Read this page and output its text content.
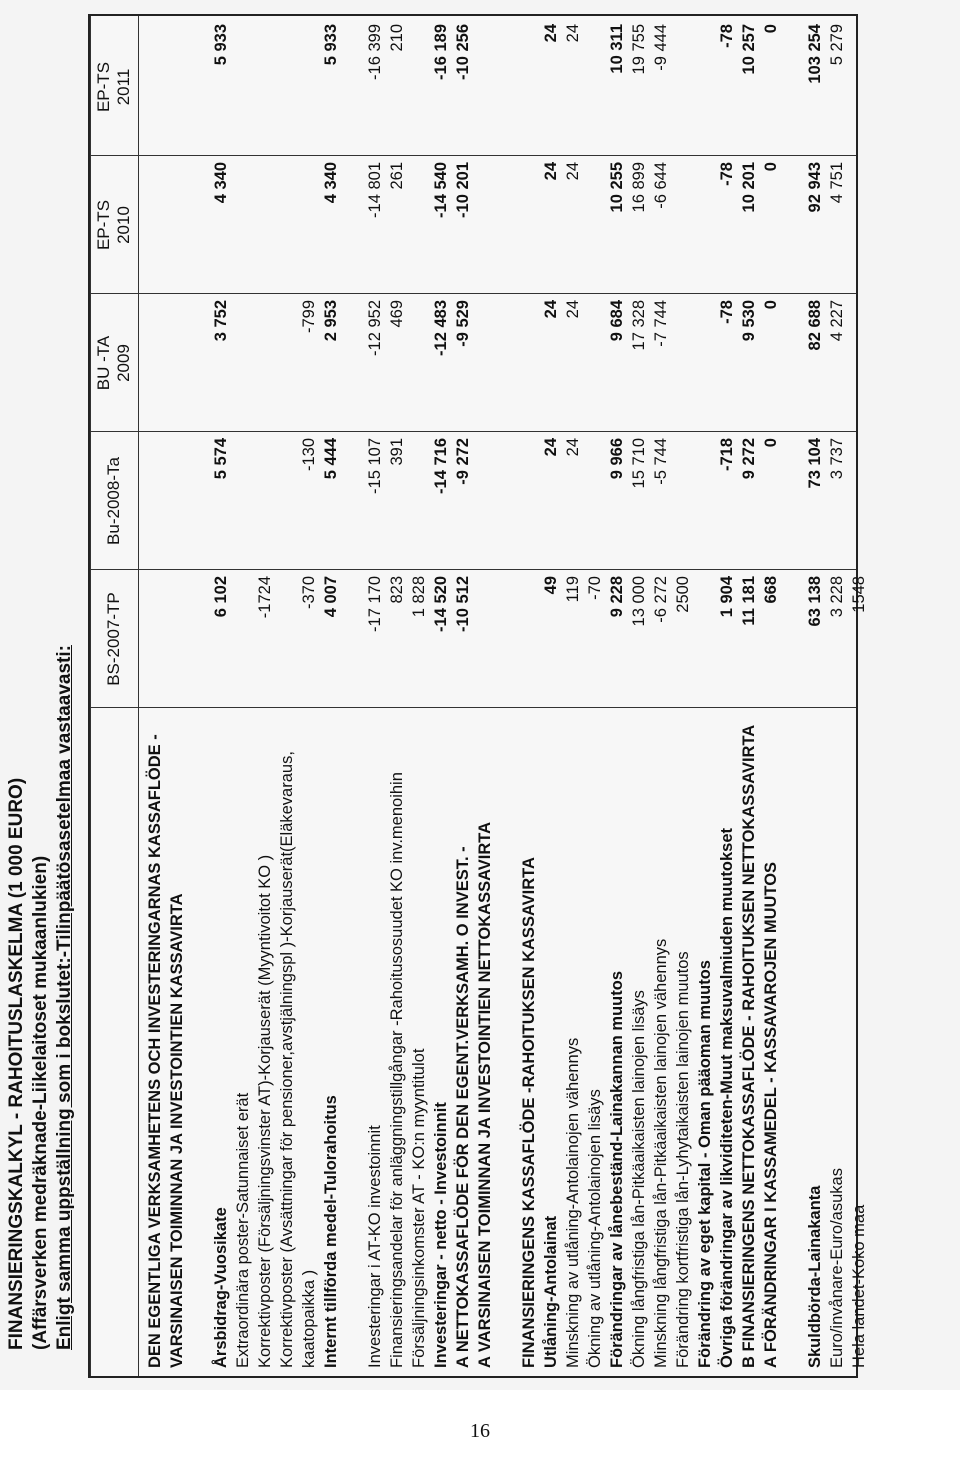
FINANSIERINGSKALKYL - RAHOITUSLASKELMA (1 000 EURO) (Affärsverken medräknade-Liikelaitoset mukaanlukien) Enligt samma uppställning som i bokslutet:-Tilinpäätösasetelmaa vastaavasti:
BS-2007-TP
Bu-2008-Ta
BU -TA
2009
EP-TS
2010
EP-TS
2011
DEN EGENTLIGA VERKSAMHETENS OCH INVESTERINGARNAS KASSAFLÖDE - VARSINAISEN TOIMINNAN JA INVESTOINTIEN KASSAVIRTA Årsbidrag-Vuosikate
6 102
5 574
3 752
4 340
5 933
Extraordinära poster-Satunnaiset erät Korrektivposter (Försäljningsvinster AT)-Korjauserät (Myyntivoitot KO )
-1724
Korrektivposter (Avsättningar för pensioner,avstjälningspl )-Korjauserät(Eläkevaraus, kaatopaikka )
-370
-130
-799
Internt tillförda medel-Tulorahoitus
4 007
5 444
2 953
4 340
5 933
Investeringar i AT-KO investoinnit
-17 170
-15 107
-12 952
-14 801
-16 399
Finansieringsandelar för anläggningstillgångar -Rahoitusosuudet KO inv.menoihin
823
391
469
261
210
Försäljningsinkomster AT - KO:n myyntitulot
1 828
Investeringar - netto - Investoinnit
-14 520
-14 716
-12 483
-14 540
-16 189
A NETTOKASSAFLÖDE FÖR DEN EGENT.VERKSAMH. O INVEST. -
-10 512
-9 272
-9 529
-10 201
-10 256
A VARSINAISEN TOIMINNAN JA INVESTOINTIEN NETTOKASSAVIRTA FINANSIERINGENS KASSAFLÖDE -RAHOITUKSEN KASSAVIRTA Utlåning-Antolainat
49
24
24
24
24
Minskning av utlåning-Antolainojen vähennys
119
24
24
24
24
Ökning av utlåning-Antolainojen lisäys
-70
Förändringar av lånebeständ-Lainakannan muutos
9 228
9 966
9 684
10 255
10 311
Ökning långfristiga lån-Pitkäaikaisten lainojen lisäys
13 000
15 710
17 328
16 899
19 755
Minskning långfristiga lån-Pitkäaikaisten lainojen vähennys
-6 272
-5 744
-7 744
-6 644
-9 444
Förändring kortfristiga lån-Lyhytaikaisten lainojen muutos
2500
Förändring av eget kapital - Oman pääoman muutos Övriga förändringar av likviditeten-Muut maksuvalmiuden muutokset
1 904
-718
-78
-78
-78
B FINANSIERINGENS NETTOKASSAFLÖDE - RAHOITUKSEN NETTOKASSAVIRTA
11 181
9 272
9 530
10 201
10 257
A FÖRÄNDRINGAR I KASSAMEDEL - KASSAVAROJEN MUUTOS
668
0
0
0
0
Skuldbörda-Lainakanta
63 138
73 104
82 688
92 943
103 254
Euro/invånare-Euro/asukas
3 228
3 737
4 227
4 751
5 279
Hela landet-Koko maa
1548
16
